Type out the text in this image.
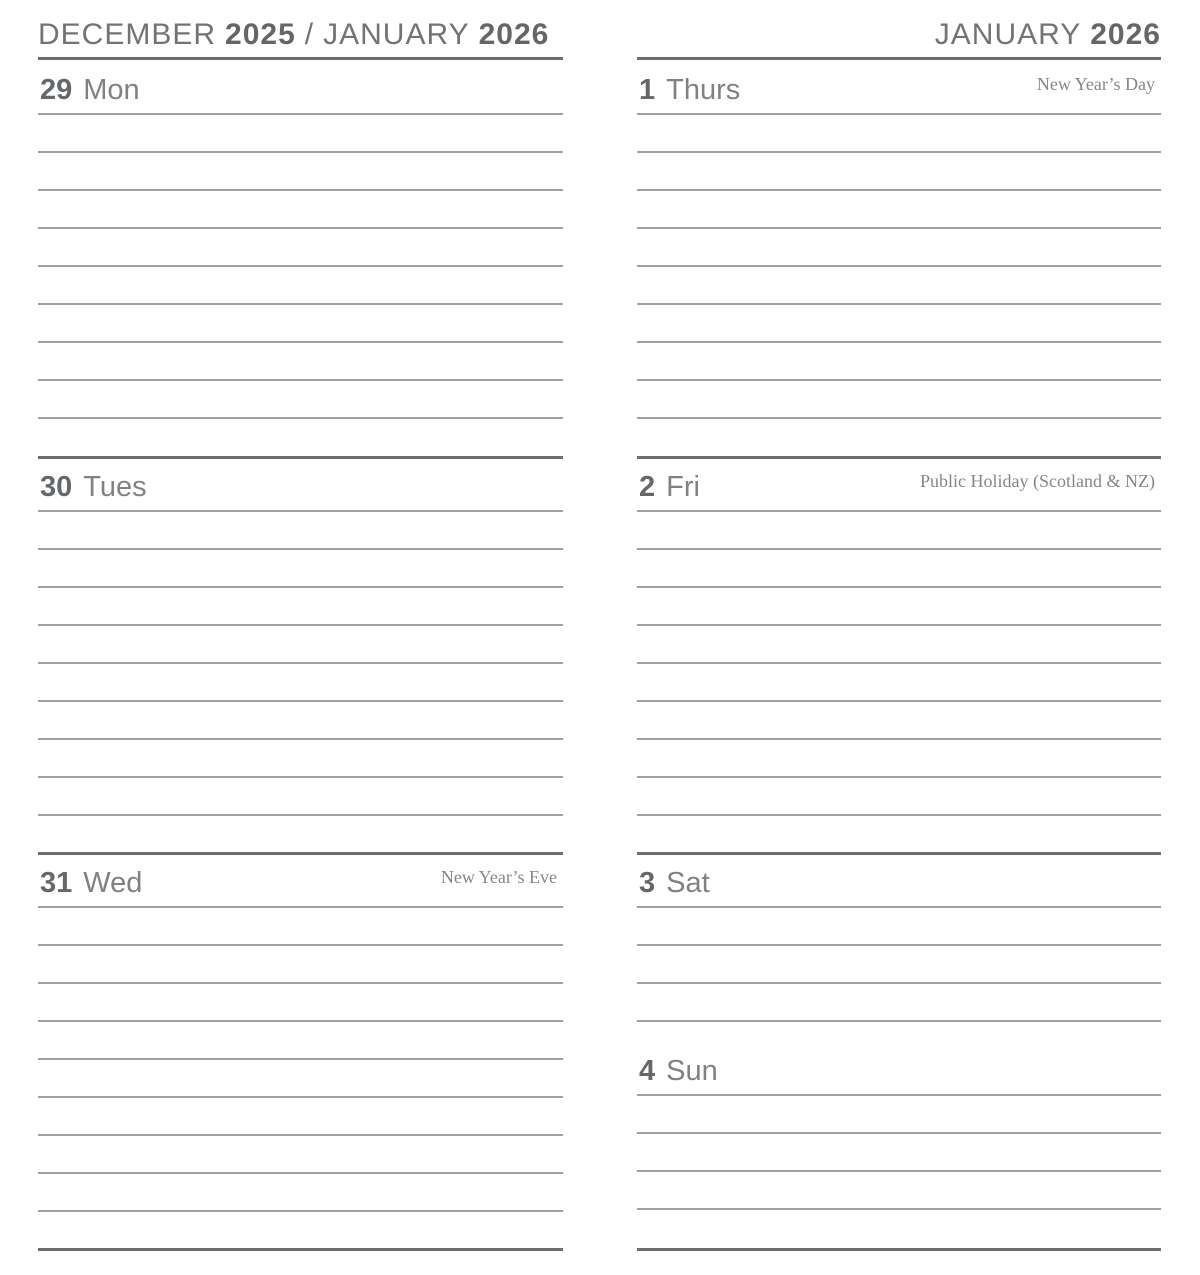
DECEMBER 2025 / JANUARY 2026
29 Mon
30 Tues
31 Wed	New Year’s Eve
JANUARY 2026
1 Thurs	New Year’s Day
2 Fri	Public Holiday (Scotland & NZ)
3 Sat
4 Sun
